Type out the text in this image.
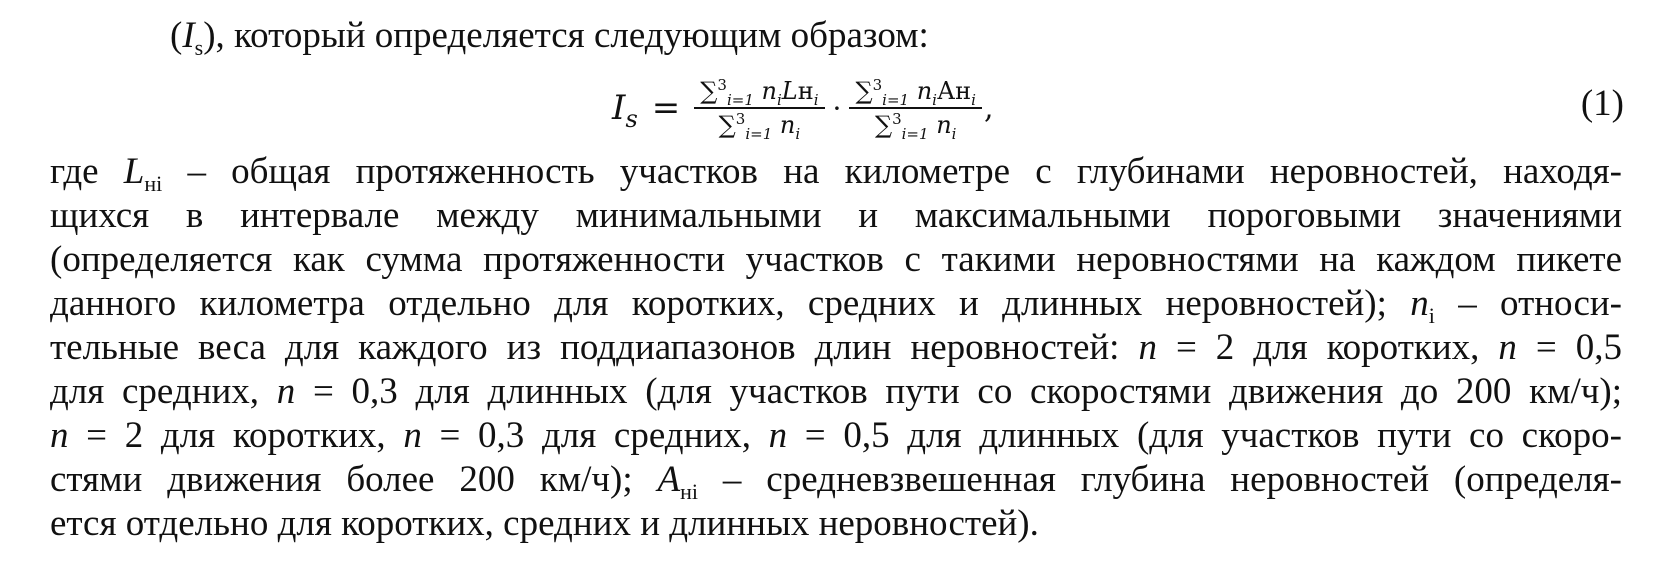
$(I_s)$, который определяется следующим образом:
$I_s = \frac{\sum^3_{i=1} n_iLн_i}{\sum^3_{i=1} n_i} \cdot \frac{\sum^3_{i=1} n_iАн_i}{\sum^3_{i=1} n_i}$ ,	(1)
где $L_{нi}$ – общая протяженность участков на километре с глубинами неровностей, находя-
щихся в интервале между минимальными и максимальными пороговыми значениями
(определяется как сумма протяженности участков с такими неровностями на каждом пикете
данного километра отдельно для коротких, средних и длинных неровностей); $n_i$ – относи-
тельные веса для каждого из поддиапазонов длин неровностей: n = 2 для коротких, n = 0,5
для средних, n = 0,3 для длинных (для участков пути со скоростями движения до 200 км/ч);
n = 2 для коротких, n = 0,3 для средних, n = 0,5 для длинных (для участков пути со скоро-
стями движения более 200 км/ч); $A_{нi}$ – средневзвешенная глубина неровностей (определя-
ется отдельно для коротких, средних и длинных неровностей).
